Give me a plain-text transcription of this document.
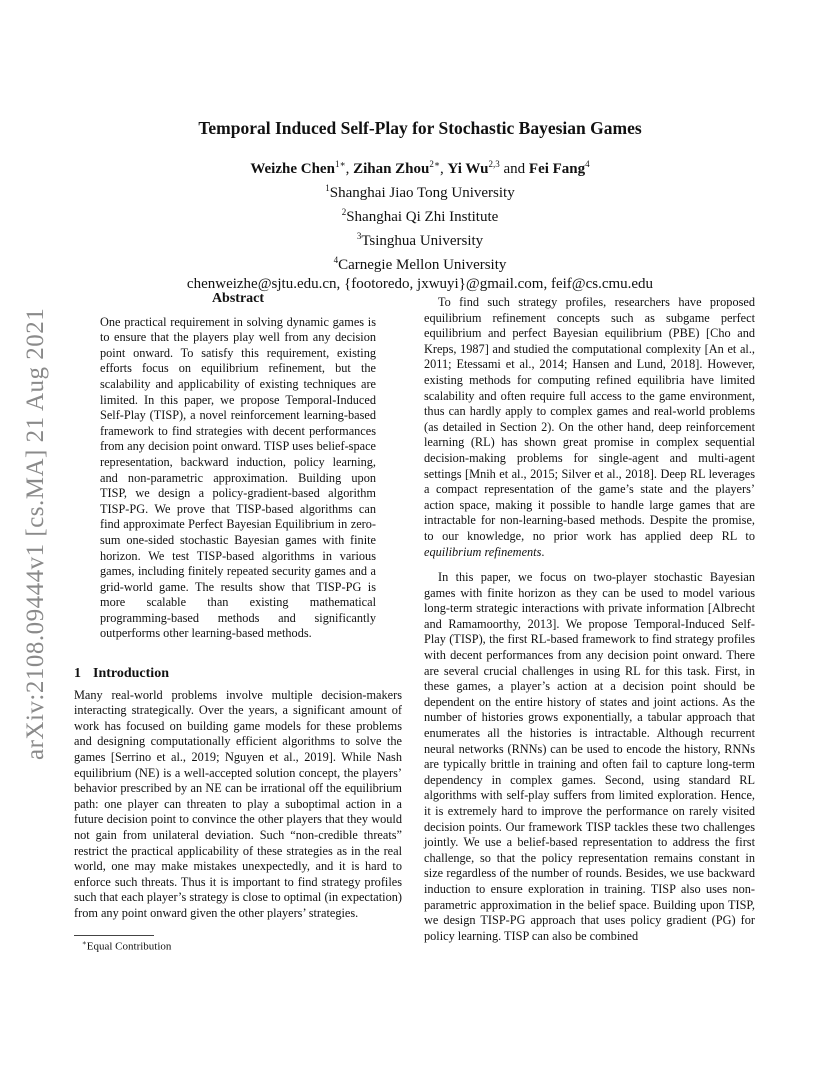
arXiv:2108.09444v1 [cs.MA] 21 Aug 2021
Temporal Induced Self-Play for Stochastic Bayesian Games
Weizhe Chen$^{1∗}$, Zihan Zhou$^{2∗}$, Yi Wu$^{2,3}$ and Fei Fang$^4$
$^1$Shanghai Jiao Tong University
$^2$Shanghai Qi Zhi Institute
$^3$Tsinghua University
$^4$Carnegie Mellon University
chenweizhe@sjtu.edu.cn, {footoredo, jxwuyi}@gmail.com, feif@cs.cmu.edu
Abstract

One practical requirement in solving dynamic games is to ensure that the players play well from any decision point onward. To satisfy this requirement, existing efforts focus on equilibrium refinement, but the scalability and applicability of existing techniques are limited. In this paper, we propose Temporal-Induced Self-Play (TISP), a novel reinforcement learning-based framework to find strategies with decent performances from any decision point onward. TISP uses belief-space representation, backward induction, policy learning, and non-parametric approximation. Building upon TISP, we design a policy-gradient-based algorithm TISP-PG. We prove that TISP-based algorithms can find approximate Perfect Bayesian Equilibrium in zero-sum one-sided stochastic Bayesian games with finite horizon. We test TISP-based algorithms in various games, including finitely repeated security games and a grid-world game. The results show that TISP-PG is more scalable than existing mathematical programming-based methods and significantly outperforms other learning-based methods.

1 Introduction

Many real-world problems involve multiple decision-makers interacting strategically. Over the years, a significant amount of work has focused on building game models for these problems and designing computationally efficient algorithms to solve the games [Serrino et al., 2019; Nguyen et al., 2019]. While Nash equilibrium (NE) is a well-accepted solution concept, the players’ behavior prescribed by an NE can be irrational off the equilibrium path: one player can threaten to play a suboptimal action in a future decision point to convince the other players that they would not gain from unilateral deviation. Such “non-credible threats” restrict the practical applicability of these strategies as in the real world, one may make mistakes unexpectedly, and it is hard to enforce such threats. Thus it is important to find strategy profiles such that each player’s strategy is close to optimal (in expectation) from any point onward given the other players’ strategies.

To find such strategy profiles, researchers have proposed equilibrium refinement concepts such as subgame perfect equilibrium and perfect Bayesian equilibrium (PBE) [Cho and Kreps, 1987] and studied the computational complexity [An et al., 2011; Etessami et al., 2014; Hansen and Lund, 2018]. However, existing methods for computing refined equilibria have limited scalability and often require full access to the game environment, thus can hardly apply to complex games and real-world problems (as detailed in Section 2). On the other hand, deep reinforcement learning (RL) has shown great promise in complex sequential decision-making problems for single-agent and multi-agent settings [Mnih et al., 2015; Silver et al., 2018]. Deep RL leverages a compact representation of the game’s state and the players’ action space, making it possible to handle large games that are intractable for non-learning-based methods. Despite the promise, to our knowledge, no prior work has applied deep RL to equilibrium refinements.

In this paper, we focus on two-player stochastic Bayesian games with finite horizon as they can be used to model various long-term strategic interactions with private information [Albrecht and Ramamoorthy, 2013]. We propose Temporal-Induced Self-Play (TISP), the first RL-based framework to find strategy profiles with decent performances from any decision point onward. There are several crucial challenges in using RL for this task. First, in these games, a player’s action at a decision point should be dependent on the entire history of states and joint actions. As the number of histories grows exponentially, a tabular approach that enumerates all the histories is intractable. Although recurrent neural networks (RNNs) can be used to encode the history, RNNs are typically brittle in training and often fail to capture long-term dependency in complex games. Second, using standard RL algorithms with self-play suffers from limited exploration. Hence, it is extremely hard to improve the performance on rarely visited decision points. Our framework TISP tackles these two challenges jointly. We use a belief-based representation to address the first challenge, so that the policy representation remains constant in size regardless of the number of rounds. Besides, we use backward induction to ensure exploration in training. TISP also uses non-parametric approximation in the belief space. Building upon TISP, we design TISP-PG approach that uses policy gradient (PG) for policy learning. TISP can also be combined

∗Equal Contribution
